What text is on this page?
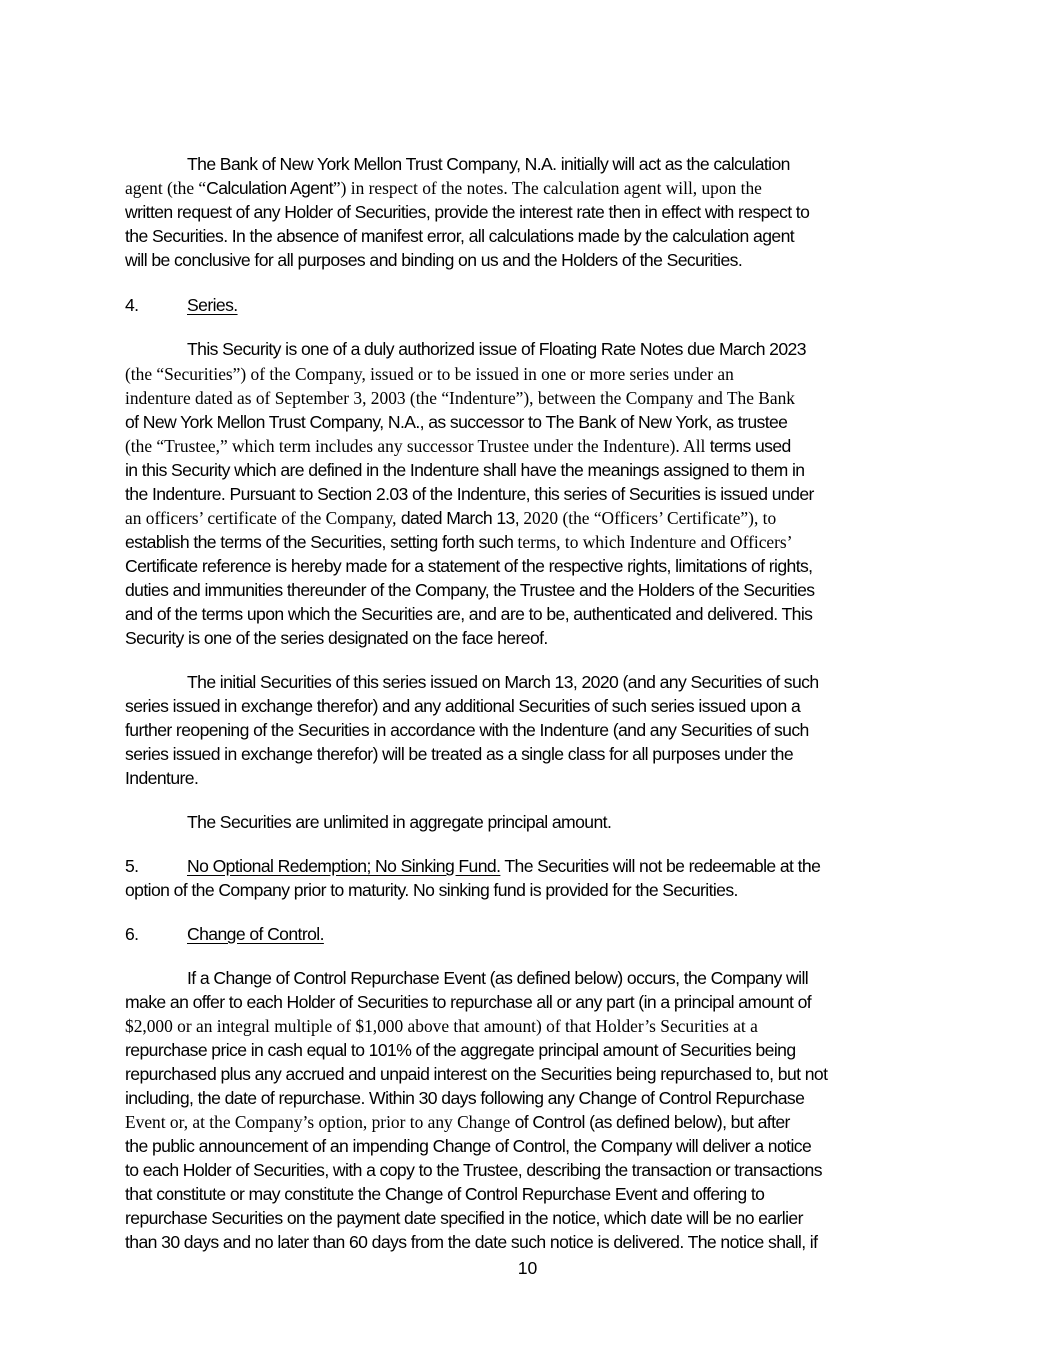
The Bank of New York Mellon Trust Company, N.A. initially will act as the calculation
agent (the “Calculation Agent”) in respect of the notes. The calculation agent will, upon the
written request of any Holder of Securities, provide the interest rate then in effect with respect to
the Securities. In the absence of manifest error, all calculations made by the calculation agent
will be conclusive for all purposes and binding on us and the Holders of the Securities.
4.	Series.
This Security is one of a duly authorized issue of Floating Rate Notes due March 2023
(the “Securities”) of the Company, issued or to be issued in one or more series under an
indenture dated as of September 3, 2003 (the “Indenture”), between the Company and The Bank
of New York Mellon Trust Company, N.A., as successor to The Bank of New York, as trustee
(the “Trustee,” which term includes any successor Trustee under the Indenture). All terms used
in this Security which are defined in the Indenture shall have the meanings assigned to them in
the Indenture. Pursuant to Section 2.03 of the Indenture, this series of Securities is issued under
an officers’ certificate of the Company, dated March 13, 2020 (the “Officers’ Certificate”), to
establish the terms of the Securities, setting forth such terms, to which Indenture and Officers’
Certificate reference is hereby made for a statement of the respective rights, limitations of rights,
duties and immunities thereunder of the Company, the Trustee and the Holders of the Securities
and of the terms upon which the Securities are, and are to be, authenticated and delivered. This
Security is one of the series designated on the face hereof.
The initial Securities of this series issued on March 13, 2020 (and any Securities of such
series issued in exchange therefor) and any additional Securities of such series issued upon a
further reopening of the Securities in accordance with the Indenture (and any Securities of such
series issued in exchange therefor) will be treated as a single class for all purposes under the
Indenture.
The Securities are unlimited in aggregate principal amount.
5.	No Optional Redemption; No Sinking Fund. The Securities will not be redeemable at the
option of the Company prior to maturity. No sinking fund is provided for the Securities.
6.	Change of Control.
If a Change of Control Repurchase Event (as defined below) occurs, the Company will
make an offer to each Holder of Securities to repurchase all or any part (in a principal amount of
$2,000 or an integral multiple of $1,000 above that amount) of that Holder’s Securities at a
repurchase price in cash equal to 101% of the aggregate principal amount of Securities being
repurchased plus any accrued and unpaid interest on the Securities being repurchased to, but not
including, the date of repurchase. Within 30 days following any Change of Control Repurchase
Event or, at the Company’s option, prior to any Change of Control (as defined below), but after
the public announcement of an impending Change of Control, the Company will deliver a notice
to each Holder of Securities, with a copy to the Trustee, describing the transaction or transactions
that constitute or may constitute the Change of Control Repurchase Event and offering to
repurchase Securities on the payment date specified in the notice, which date will be no earlier
than 30 days and no later than 60 days from the date such notice is delivered. The notice shall, if
10
